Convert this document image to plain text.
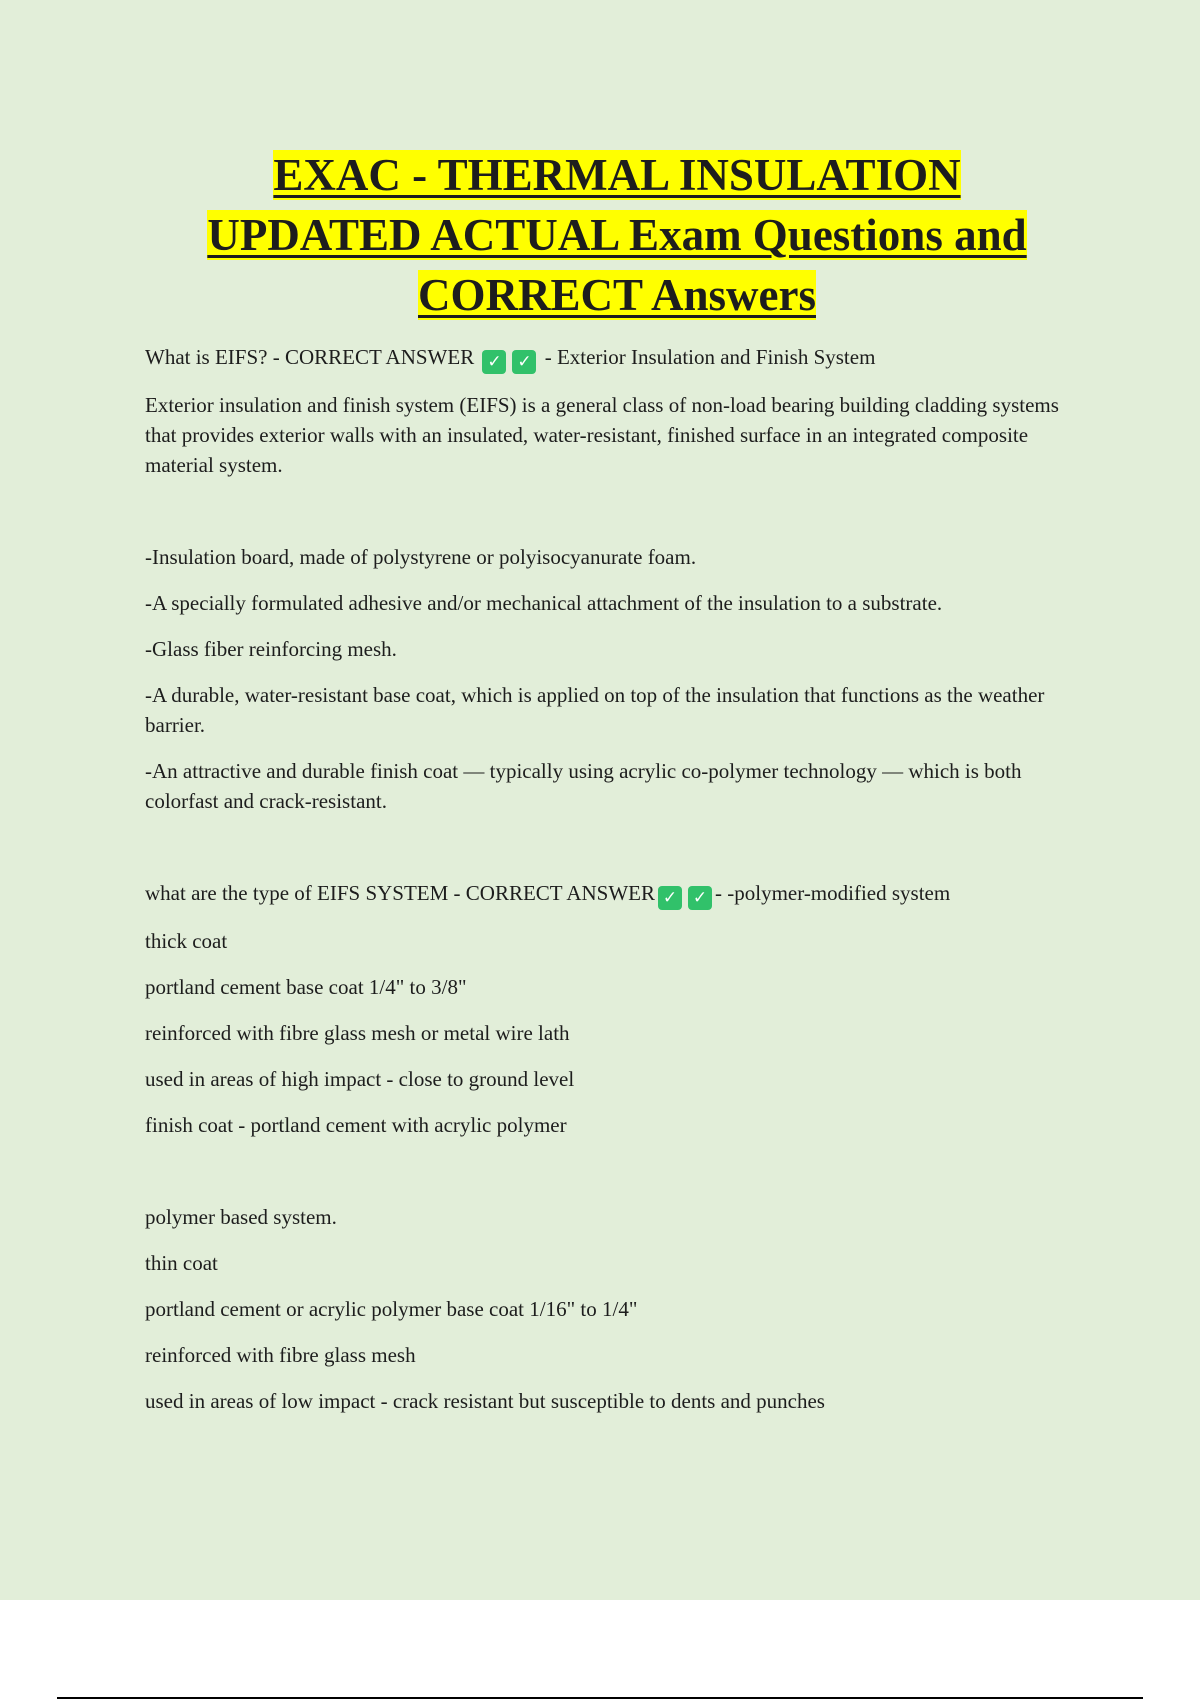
EXAC - THERMAL INSULATION
UPDATED ACTUAL Exam Questions and
CORRECT Answers

What is EIFS? - CORRECT ANSWER ✓ ✓ - Exterior Insulation and Finish System

Exterior insulation and finish system (EIFS) is a general class of non-load bearing building cladding systems that provides exterior walls with an insulated, water-resistant, finished surface in an integrated composite material system.

-Insulation board, made of polystyrene or polyisocyanurate foam.

-A specially formulated adhesive and/or mechanical attachment of the insulation to a substrate.

-Glass fiber reinforcing mesh.

-A durable, water-resistant base coat, which is applied on top of the insulation that functions as the weather barrier.

-An attractive and durable finish coat — typically using acrylic co-polymer technology — which is both colorfast and crack-resistant.

what are the type of EIFS SYSTEM - CORRECT ANSWER ✓ ✓ - -polymer-modified system

thick coat

portland cement base coat 1/4" to 3/8"

reinforced with fibre glass mesh or metal wire lath

used in areas of high impact - close to ground level

finish coat - portland cement with acrylic polymer

polymer based system.

thin coat

portland cement or acrylic polymer base coat 1/16" to 1/4"

reinforced with fibre glass mesh

used in areas of low impact - crack resistant but susceptible to dents and punches
